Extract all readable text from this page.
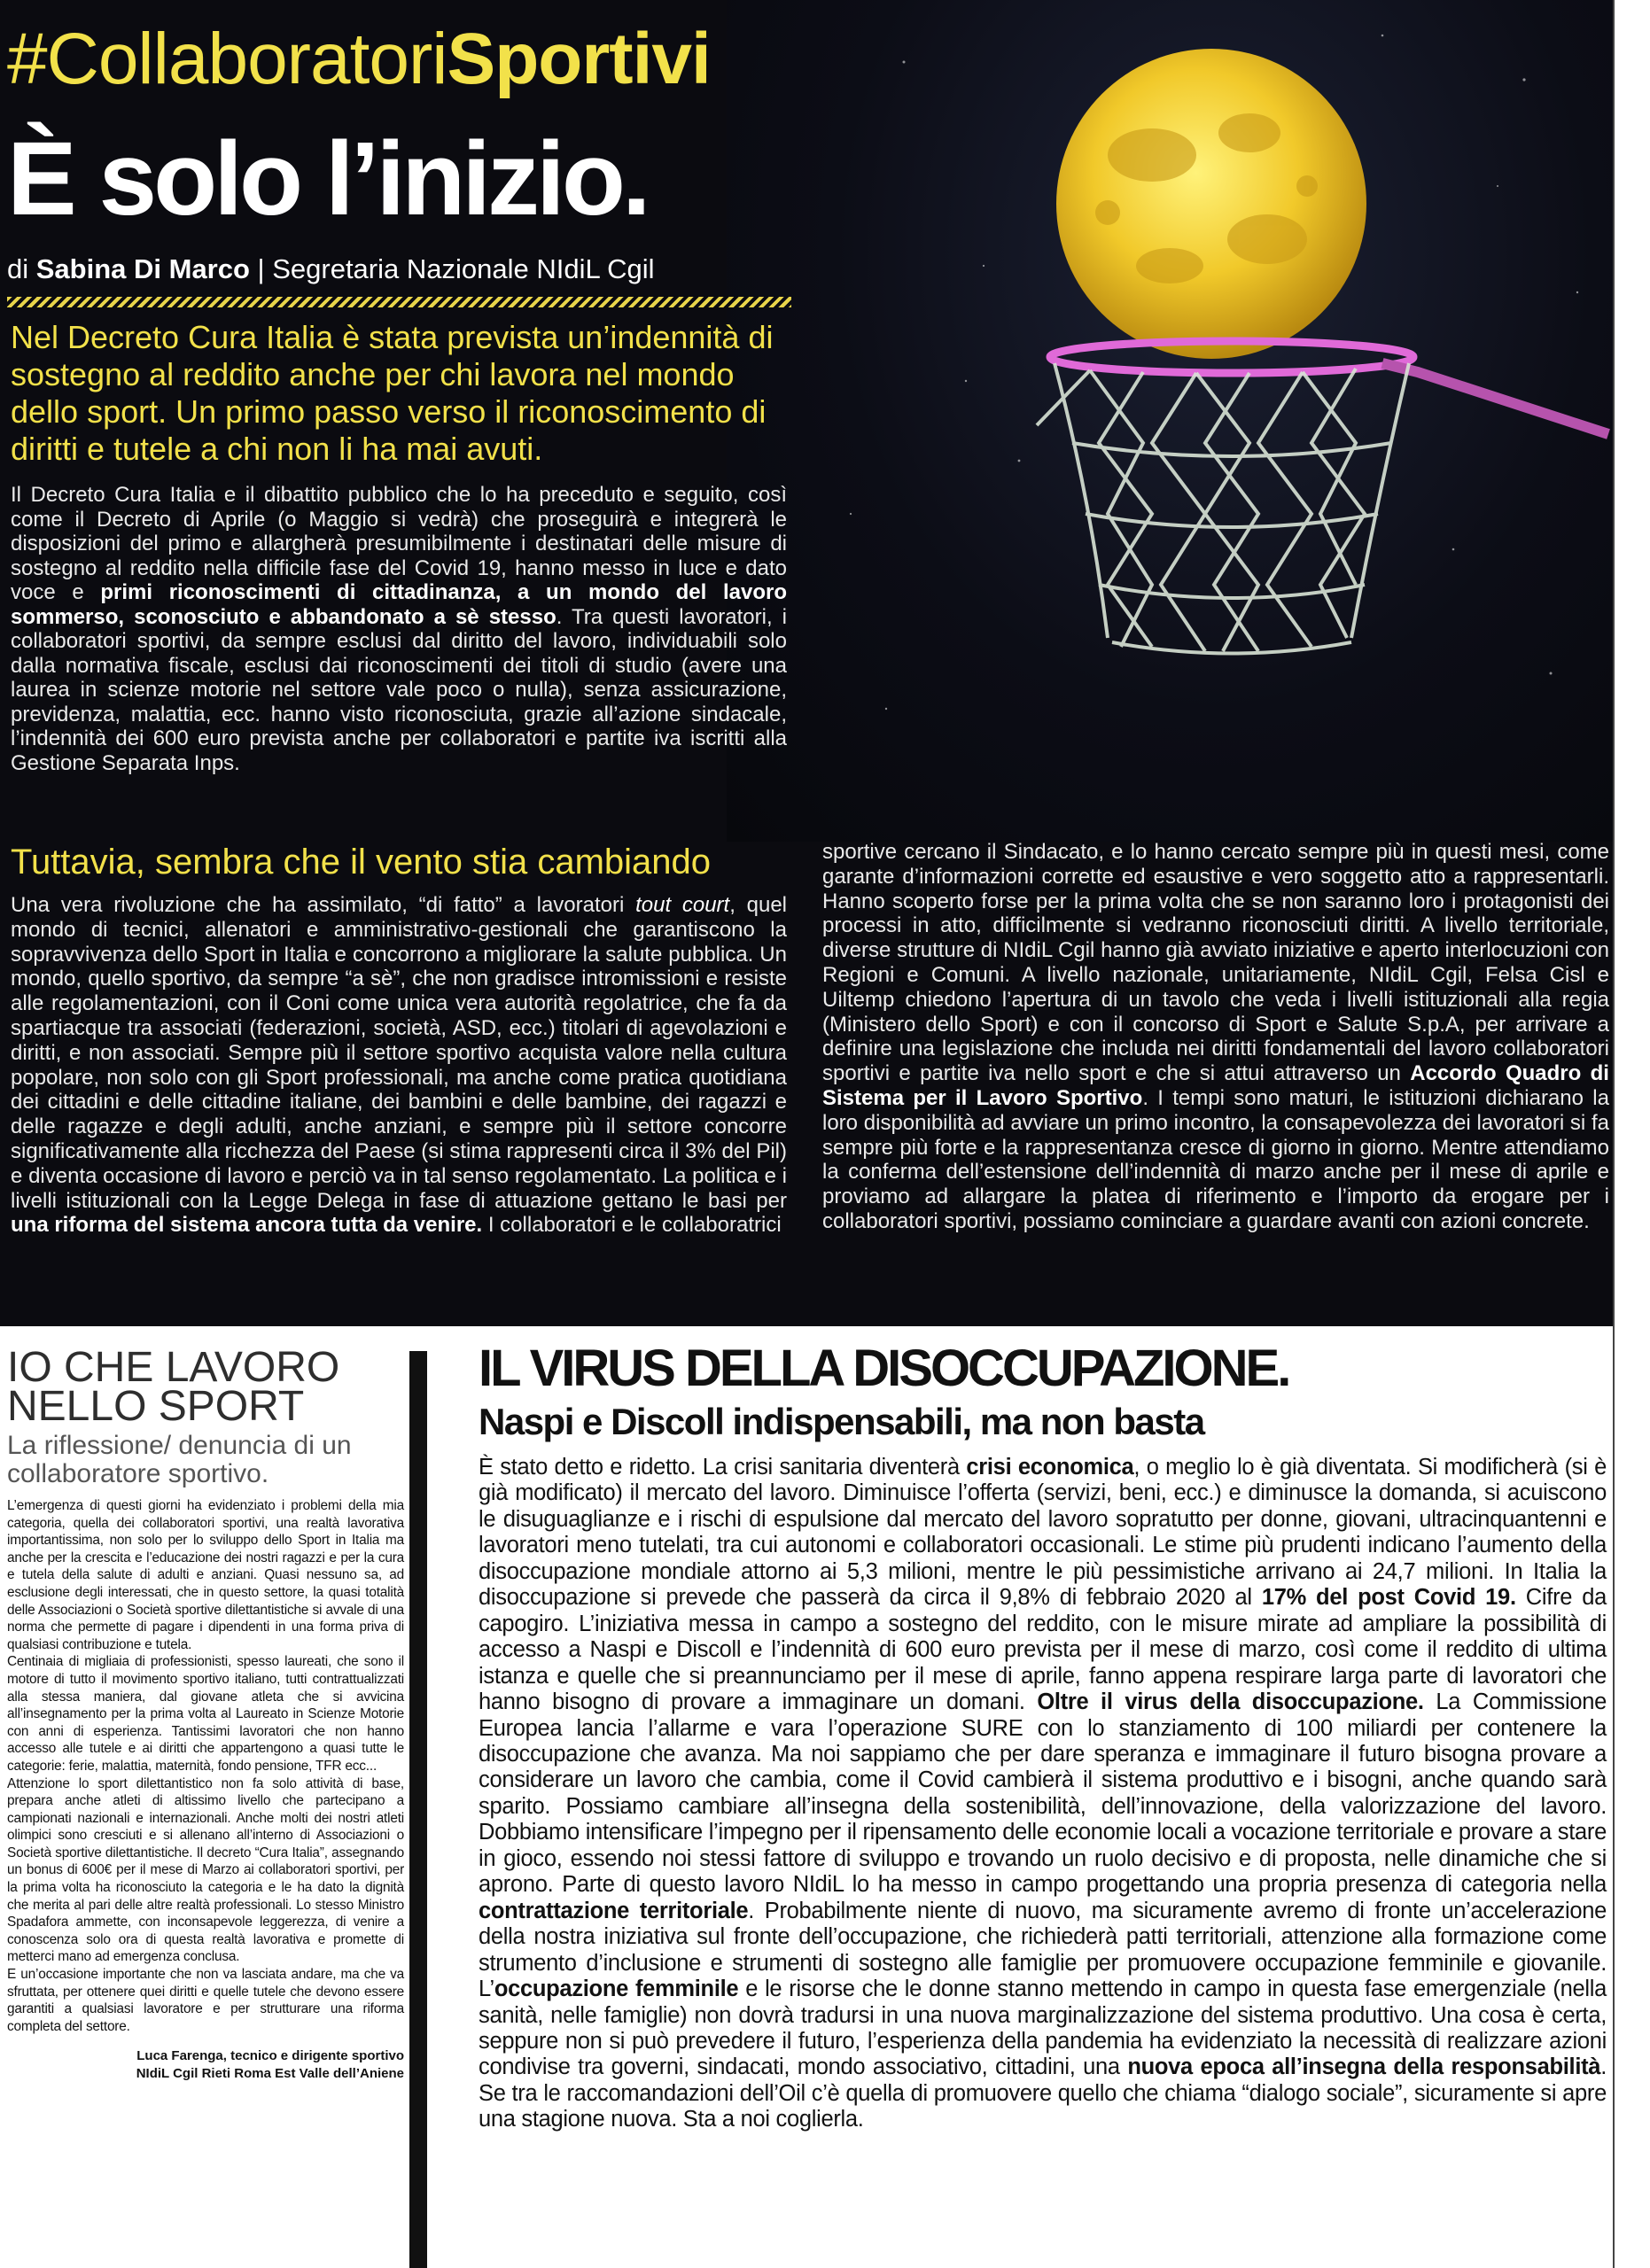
#CollaboratoriSportivi
È solo l’inizio.
di Sabina Di Marco | Segretaria Nazionale NIdiL Cgil
Nel Decreto Cura Italia è stata prevista un’indennità di sostegno al reddito anche per chi lavora nel mondo dello sport. Un primo passo verso il riconoscimento di diritti e tutele a chi non li ha mai avuti.

Il Decreto Cura Italia e il dibattito pubblico che lo ha preceduto e seguito, così come il Decreto di Aprile (o Maggio si vedrà) che proseguirà e integrerà le disposizioni del primo e allargherà presumibilmente i destinatari delle misure di sostegno al reddito nella difficile fase del Covid 19, hanno messo in luce e dato voce e primi riconoscimenti di cittadinanza, a un mondo del lavoro sommerso, sconosciuto e abbandonato a sè stesso. Tra questi lavoratori, i collaboratori sportivi, da sempre esclusi dal diritto del lavoro, individuabili solo dalla normativa fiscale, esclusi dai riconoscimenti dei titoli di studio (avere una laurea in scienze motorie nel settore vale poco o nulla), senza assicurazione, previdenza, malattia, ecc. hanno visto riconosciuta, grazie all’azione sindacale, l’indennità dei 600 euro prevista anche per collaboratori e partite iva iscritti alla Gestione Separata Inps.

Tuttavia, sembra che il vento stia cambiando

Una vera rivoluzione che ha assimilato, “di fatto” a lavoratori tout court, quel mondo di tecnici, allenatori e amministrativo-gestionali che garantiscono la sopravvivenza dello Sport in Italia e concorrono a migliorare la salute pubblica. Un mondo, quello sportivo, da sempre “a sè”, che non gradisce intromissioni e resiste alle regolamentazioni, con il Coni come unica vera autorità regolatrice, che fa da spartiacque tra associati (federazioni, società, ASD, ecc.) titolari di agevolazioni e diritti, e non associati. Sempre più il settore sportivo acquista valore nella cultura popolare, non solo con gli Sport professionali, ma anche come pratica quotidiana dei cittadini e delle cittadine italiane, dei bambini e delle bambine, dei ragazzi e delle ragazze e degli adulti, anche anziani, e sempre più il settore concorre significativamente alla ricchezza del Paese (si stima rappresenti circa il 3% del Pil) e diventa occasione di lavoro e perciò va in tal senso regolamentato. La politica e i livelli istituzionali con la Legge Delega in fase di attuazione gettano le basi per una riforma del sistema ancora tutta da venire. I collaboratori e le collaboratrici

sportive cercano il Sindacato, e lo hanno cercato sempre più in questi mesi, come garante d’informazioni corrette ed esaustive e vero soggetto atto a rappresentarli. Hanno scoperto forse per la prima volta che se non saranno loro i protagonisti dei processi in atto, difficilmente si vedranno riconosciuti diritti. A livello territoriale, diverse strutture di NIdiL Cgil hanno già avviato iniziative e aperto interlocuzioni con Regioni e Comuni. A livello nazionale, unitariamente, NIdiL Cgil, Felsa Cisl e Uiltemp chiedono l’apertura di un tavolo che veda i livelli istituzionali alla regia (Ministero dello Sport) e con il concorso di Sport e Salute S.p.A, per arrivare a definire una legislazione che includa nei diritti fondamentali del lavoro collaboratori sportivi e partite iva nello sport e che si attui attraverso un Accordo Quadro di Sistema per il Lavoro Sportivo. I tempi sono maturi, le istituzioni dichiarano la loro disponibilità ad avviare un primo incontro, la consapevolezza dei lavoratori si fa sempre più forte e la rappresentanza cresce di giorno in giorno. Mentre attendiamo la conferma dell’estensione dell’indennità di marzo anche per il mese di aprile e proviamo ad allargare la platea di riferimento e l’importo da erogare per i collaboratori sportivi, possiamo cominciare a guardare avanti con azioni concrete.

IO CHE LAVORO NELLO SPORT
La riflessione/ denuncia di un collaboratore sportivo.

L’emergenza di questi giorni ha evidenziato i problemi della mia categoria, quella dei collaboratori sportivi, una realtà lavorativa importantissima, non solo per lo sviluppo dello Sport in Italia ma anche per la crescita e l’educazione dei nostri ragazzi e per la cura e tutela della salute di adulti e anziani. Quasi nessuno sa, ad esclusione degli interessati, che in questo settore, la quasi totalità delle Associazioni o Società sportive dilettantistiche si avvale di una norma che permette di pagare i dipendenti in una forma priva di qualsiasi contribuzione e tutela.

Centinaia di migliaia di professionisti, spesso laureati, che sono il motore di tutto il movimento sportivo italiano, tutti contrattualizzati alla stessa maniera, dal giovane atleta che si avvicina all’insegnamento per la prima volta al Laureato in Scienze Motorie con anni di esperienza. Tantissimi lavoratori che non hanno accesso alle tutele e ai diritti che appartengono a quasi tutte le categorie: ferie, malattia, maternità, fondo pensione, TFR ecc...

Attenzione lo sport dilettantistico non fa solo attività di base, prepara anche atleti di altissimo livello che partecipano a campionati nazionali e internazionali. Anche molti dei nostri atleti olimpici sono cresciuti e si allenano all’interno di Associazioni o Società sportive dilettantistiche. Il decreto “Cura Italia”, assegnando un bonus di 600€ per il mese di Marzo ai collaboratori sportivi, per la prima volta ha riconosciuto la categoria e le ha dato la dignità che merita al pari delle altre realtà professionali. Lo stesso Ministro Spadafora ammette, con inconsapevole leggerezza, di venire a conoscenza solo ora di questa realtà lavorativa e promette di metterci mano ad emergenza conclusa.

E un’occasione importante che non va lasciata andare, ma che va sfruttata, per ottenere quei diritti e quelle tutele che devono essere garantiti a qualsiasi lavoratore e per strutturare una riforma completa del settore.

Luca Farenga, tecnico e dirigente sportivo
NIdiL Cgil Rieti Roma Est Valle dell’Aniene
IL VIRUS DELLA DISOCCUPAZIONE.
Naspi e Discoll indispensabili, ma non basta

È stato detto e ridetto. La crisi sanitaria diventerà crisi economica, o meglio lo è già diventata. Si modificherà (si è già modificato) il mercato del lavoro. Diminuisce l’offerta (servizi, beni, ecc.) e diminusce la domanda, si acuiscono le disuguaglianze e i rischi di espulsione dal mercato del lavoro sopratutto per donne, giovani, ultracinquantenni e lavoratori meno tutelati, tra cui autonomi e collaboratori occasionali. Le stime più prudenti indicano l’aumento della disoccupazione mondiale attorno ai 5,3 milioni, mentre le più pessimistiche arrivano ai 24,7 milioni. In Italia la disoccupazione si prevede che passerà da circa il 9,8% di febbraio 2020 al 17% del post Covid 19. Cifre da capogiro. L’iniziativa messa in campo a sostegno del reddito, con le misure mirate ad ampliare la possibilità di accesso a Naspi e Discoll e l’indennità di 600 euro prevista per il mese di marzo, così come il reddito di ultima istanza e quelle che si preannunciamo per il mese di aprile, fanno appena respirare larga parte di lavoratori che hanno bisogno di provare a immaginare un domani. Oltre il virus della disoccupazione. La Commissione Europea lancia l’allarme e vara l’operazione SURE con lo stanziamento di 100 miliardi per contenere la disoccupazione che avanza. Ma noi sappiamo che per dare speranza e immaginare il futuro bisogna provare a considerare un lavoro che cambia, come il Covid cambierà il sistema produttivo e i bisogni, anche quando sarà sparito. Possiamo cambiare all’insegna della sostenibilità, dell’innovazione, della valorizzazione del lavoro. Dobbiamo intensificare l’impegno per il ripensamento delle economie locali a vocazione territoriale e provare a stare in gioco, essendo noi stessi fattore di sviluppo e trovando un ruolo decisivo e di proposta, nelle dinamiche che si aprono. Parte di questo lavoro NIdiL lo ha messo in campo progettando una propria presenza di categoria nella contrattazione territoriale. Probabilmente niente di nuovo, ma sicuramente avremo di fronte un’accelerazione della nostra iniziativa sul fronte dell’occupazione, che richiederà patti territoriali, attenzione alla formazione come strumento d’inclusione e strumenti di sostegno alle famiglie per promuovere occupazione femminile e giovanile. L’occupazione femminile e le risorse che le donne stanno mettendo in campo in questa fase emergenziale (nella sanità, nelle famiglie) non dovrà tradursi in una nuova marginalizzazione del sistema produttivo. Una cosa è certa, seppure non si può prevedere il futuro, l’esperienza della pandemia ha evidenziato la necessità di realizzare azioni condivise tra governi, sindacati, mondo associativo, cittadini, una nuova epoca all’insegna della responsabilità. Se tra le raccomandazioni dell’Oil c’è quella di promuovere quello che chiama “dialogo sociale”, sicuramente si apre una stagione nuova. Sta a noi coglierla.
